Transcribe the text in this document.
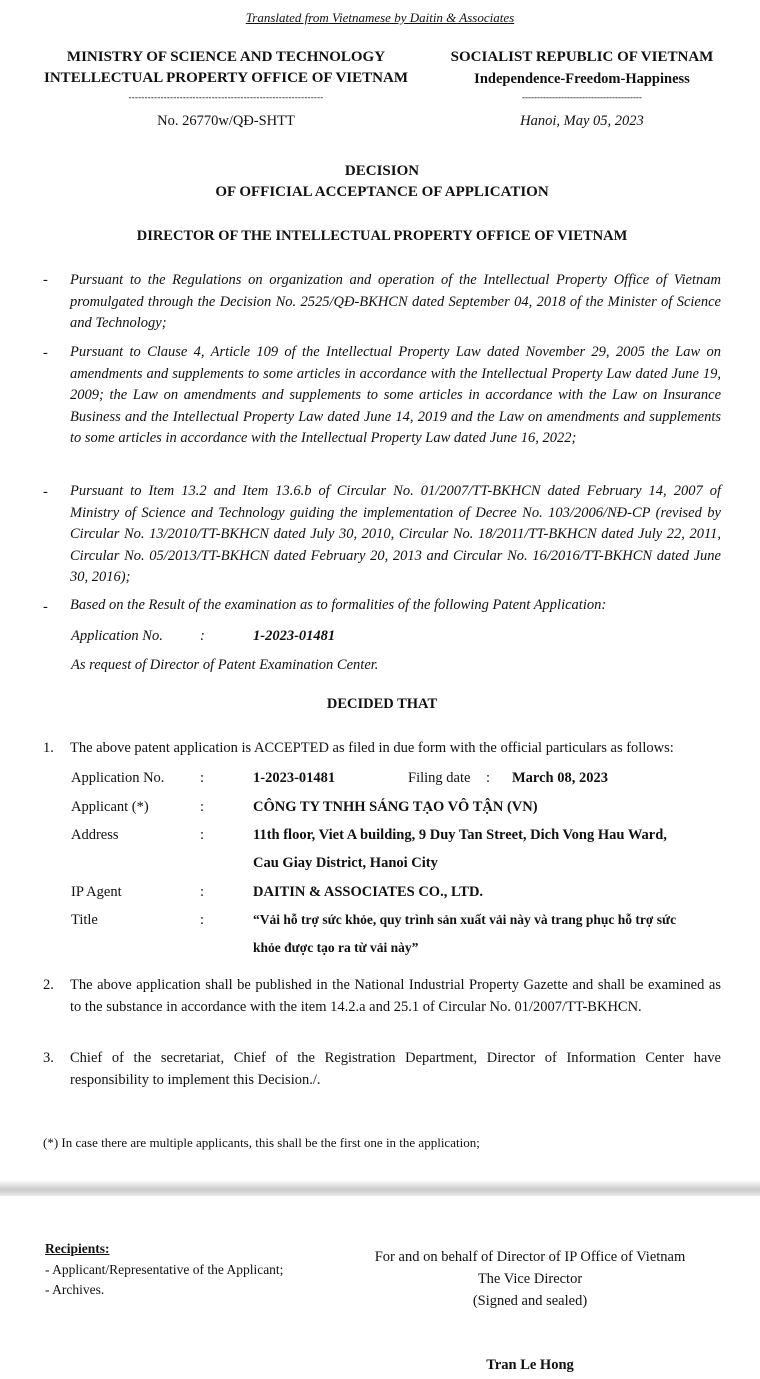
Translated from Vietnamese by Daitin & Associates
MINISTRY OF SCIENCE AND TECHNOLOGY
INTELLECTUAL PROPERTY OFFICE OF VIETNAM
-------------------------------------------------------------
No. 26770w/QĐ-SHTT
SOCIALIST REPUBLIC OF VIETNAM
Independence-Freedom-Happiness
----------------------------------------
Hanoi, May 05, 2023
DECISION
OF OFFICIAL ACCEPTANCE OF APPLICATION
DIRECTOR OF THE INTELLECTUAL PROPERTY OFFICE OF VIETNAM
- Pursuant to the Regulations on organization and operation of the Intellectual Property Office of Vietnam promulgated through the Decision No. 2525/QĐ-BKHCN dated September 04, 2018 of the Minister of Science and Technology;
- Pursuant to Clause 4, Article 109 of the Intellectual Property Law dated November 29, 2005 the Law on amendments and supplements to some articles in accordance with the Intellectual Property Law dated June 19, 2009; the Law on amendments and supplements to some articles in accordance with the Law on Insurance Business and the Intellectual Property Law dated June 14, 2019 and the Law on amendments and supplements to some articles in accordance with the Intellectual Property Law dated June 16, 2022;
- Pursuant to Item 13.2 and Item 13.6.b of Circular No. 01/2007/TT-BKHCN dated February 14, 2007 of Ministry of Science and Technology guiding the implementation of Decree No. 103/2006/NĐ-CP (revised by Circular No. 13/2010/TT-BKHCN dated July 30, 2010, Circular No. 18/2011/TT-BKHCN dated July 22, 2011, Circular No. 05/2013/TT-BKHCN dated February 20, 2013 and Circular No. 16/2016/TT-BKHCN dated June 30, 2016);
- Based on the Result of the examination as to formalities of the following Patent Application:
Application No.	:	1-2023-01481
As request of Director of Patent Examination Center.
DECIDED THAT
1. The above patent application is ACCEPTED as filed in due form with the official particulars as follows:
Application No. :	1-2023-01481	Filing date : March 08, 2023
Applicant (*)	:	CÔNG TY TNHH SÁNG TẠO VÔ TẬN (VN)
Address	:	11th floor, Viet A building, 9 Duy Tan Street, Dich Vong Hau Ward,
Cau Giay District, Hanoi City
IP Agent	:	DAITIN & ASSOCIATES CO., LTD.
Title	:	“Vải hỗ trợ sức khỏe, quy trình sản xuất vải này và trang phục hỗ trợ sức
khỏe được tạo ra từ vải này”
2. The above application shall be published in the National Industrial Property Gazette and shall be examined as to the substance in accordance with the item 14.2.a and 25.1 of Circular No. 01/2007/TT-BKHCN.
3. Chief of the secretariat, Chief of the Registration Department, Director of Information Center have responsibility to implement this Decision./.
(*) In case there are multiple applicants, this shall be the first one in the application;
Recipients:
- Applicant/Representative of the Applicant;
- Archives.
For and on behalf of Director of IP Office of Vietnam
The Vice Director
(Signed and sealed)
Tran Le Hong
